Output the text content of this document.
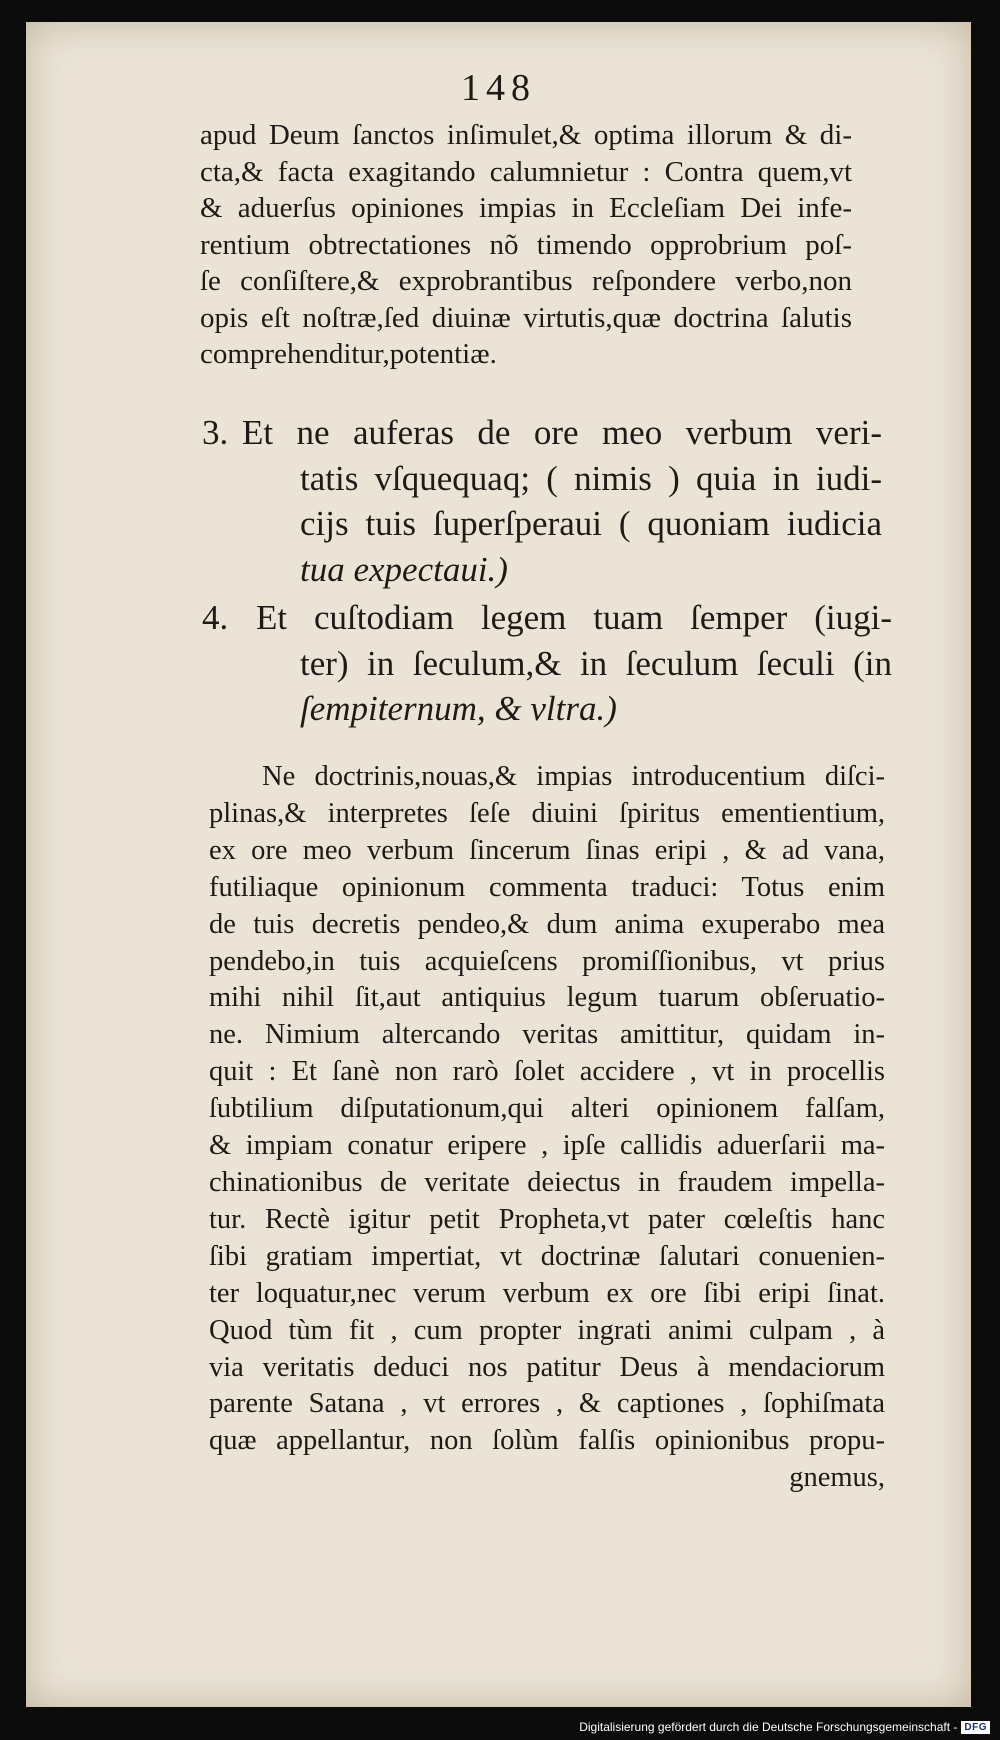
148
apud Deum ſanctos inſimulet,& optima illorum & di-
cta,& facta exagitando calumnietur : Contra quem,vt
& aduerſus opiniones impias in Eccleſiam Dei infe-
rentium obtrectationes nõ timendo opprobrium poſ-
ſe conſiſtere,& exprobrantibus reſpondere verbo,non
opis eſt noſtræ,ſed diuinæ virtutis,quæ doctrina ſalutis
comprehenditur,potentiæ.
3. Et ne auferas de ore meo verbum veri-
tatis vſquequaq; ( nimis ) quia in iudi-
cijs tuis ſuperſperaui ( quoniam iudicia
tua expectaui.)
4. Et cuſtodiam legem tuam ſemper (iugi-
ter) in ſeculum,& in ſeculum ſeculi (in
ſempiternum, & vltra.)
Ne doctrinis,nouas,& impias introducentium diſci-
plinas,& interpretes ſeſe diuini ſpiritus ementientium,
ex ore meo verbum ſincerum ſinas eripi , & ad vana,
futiliaque opinionum commenta traduci: Totus enim
de tuis decretis pendeo,& dum anima exuperabo mea
pendebo,in tuis acquieſcens promiſſionibus, vt prius
mihi nihil ſit,aut antiquius legum tuarum obſeruatio-
ne. Nimium altercando veritas amittitur, quidam in-
quit : Et ſanè non rarò ſolet accidere , vt in procellis
ſubtilium diſputationum,qui alteri opinionem falſam,
& impiam conatur eripere , ipſe callidis aduerſarii ma-
chinationibus de veritate deiectus in fraudem impella-
tur. Rectè igitur petit Propheta,vt pater cœleſtis hanc
ſibi gratiam impertiat, vt doctrinæ ſalutari conuenien-
ter loquatur,nec verum verbum ex ore ſibi eripi ſinat.
Quod tùm fit , cum propter ingrati animi culpam , à
via veritatis deduci nos patitur Deus à mendaciorum
parente Satana , vt errores , & captiones , ſophiſmata
quæ appellantur, non ſolùm falſis opinionibus propu-
gnemus,
Digitalisierung gefördert durch die Deutsche Forschungsgemeinschaft - DFG
